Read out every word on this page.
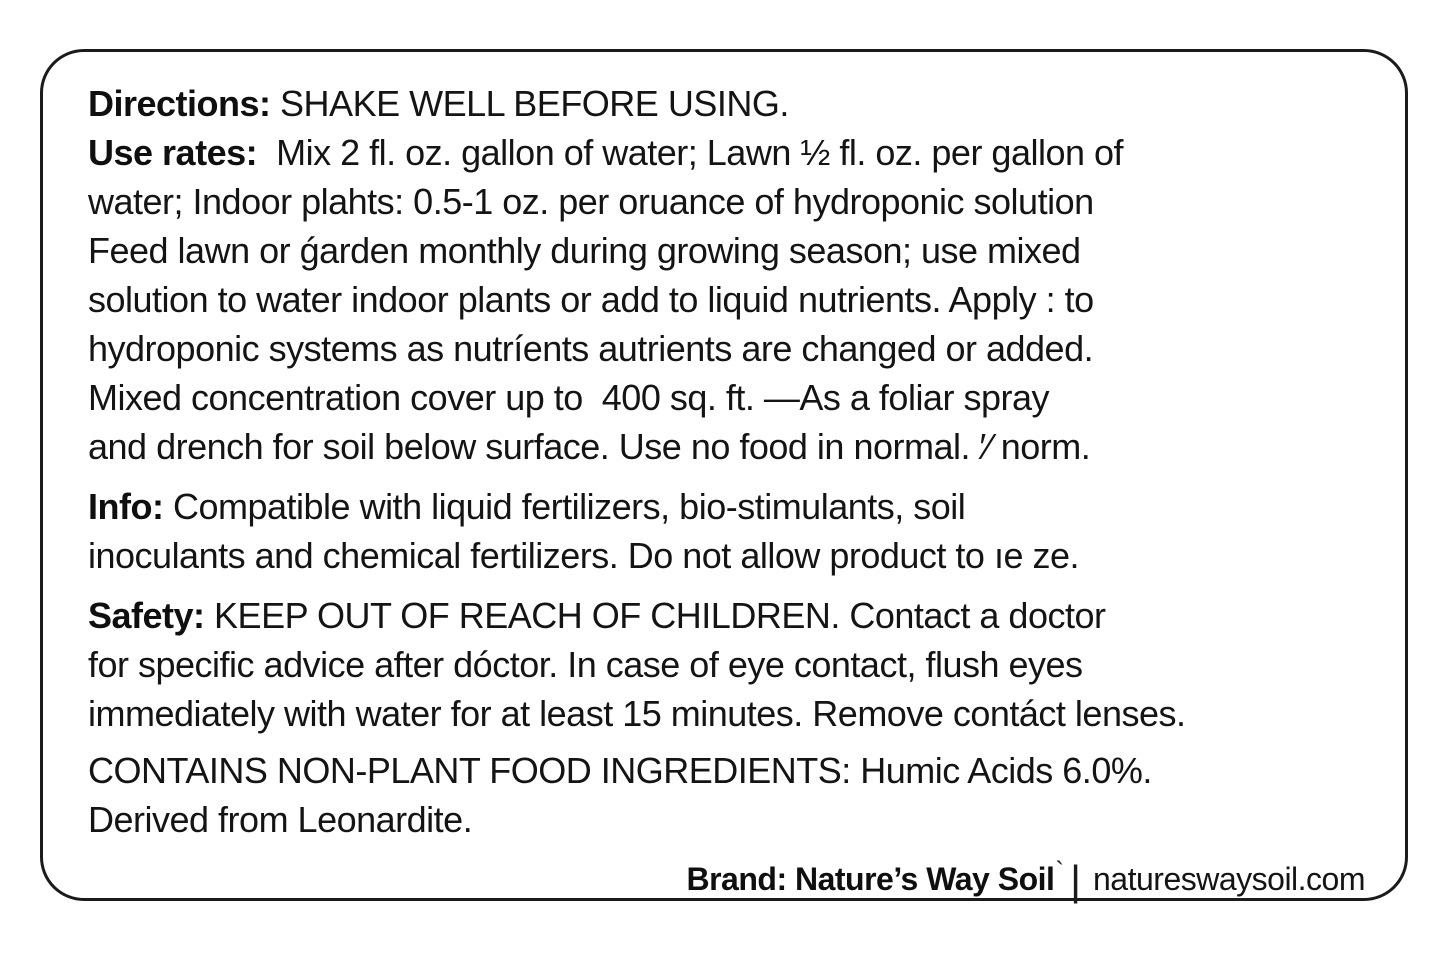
Directions: SHAKE WELL BEFORE USING.

Use rates:  Mix 2 fl. oz. gallon of water; Lawn ½ fl. oz. per gallon of
water; Indoor plahts: 0.5-1 oz. per oruance of hydroponic solution
Feed lawn or ǵarden monthly during growing season; use mixed
solution to water indoor plants or add to liquid nutrients. Apply : to
hydroponic systems as nutríents autrients are changed or added.
Mixed concentration cover up to  400 sq. ft. —As a foliar spray
and drench for soil below surface. Use no food in normal. ′⁄ norm.

Info: Compatible with liquid fertilizers, bio-stimulants, soil
inoculants and chemical fertilizers. Do not allow product to ıe ze.

Safety: KEEP OUT OF REACH OF CHILDREN. Contact a doctor
for specific advice after dóctor. In case of eye contact, flush eyes
immediately with water for at least 15 minutes. Remove contáct lenses.

CONTAINS NON-PLANT FOOD INGREDIENTS: Humic Acids 6.0%.
Derived from Leonardite.

Brand: Nature’s Way Soil` | natureswaysoil.com
